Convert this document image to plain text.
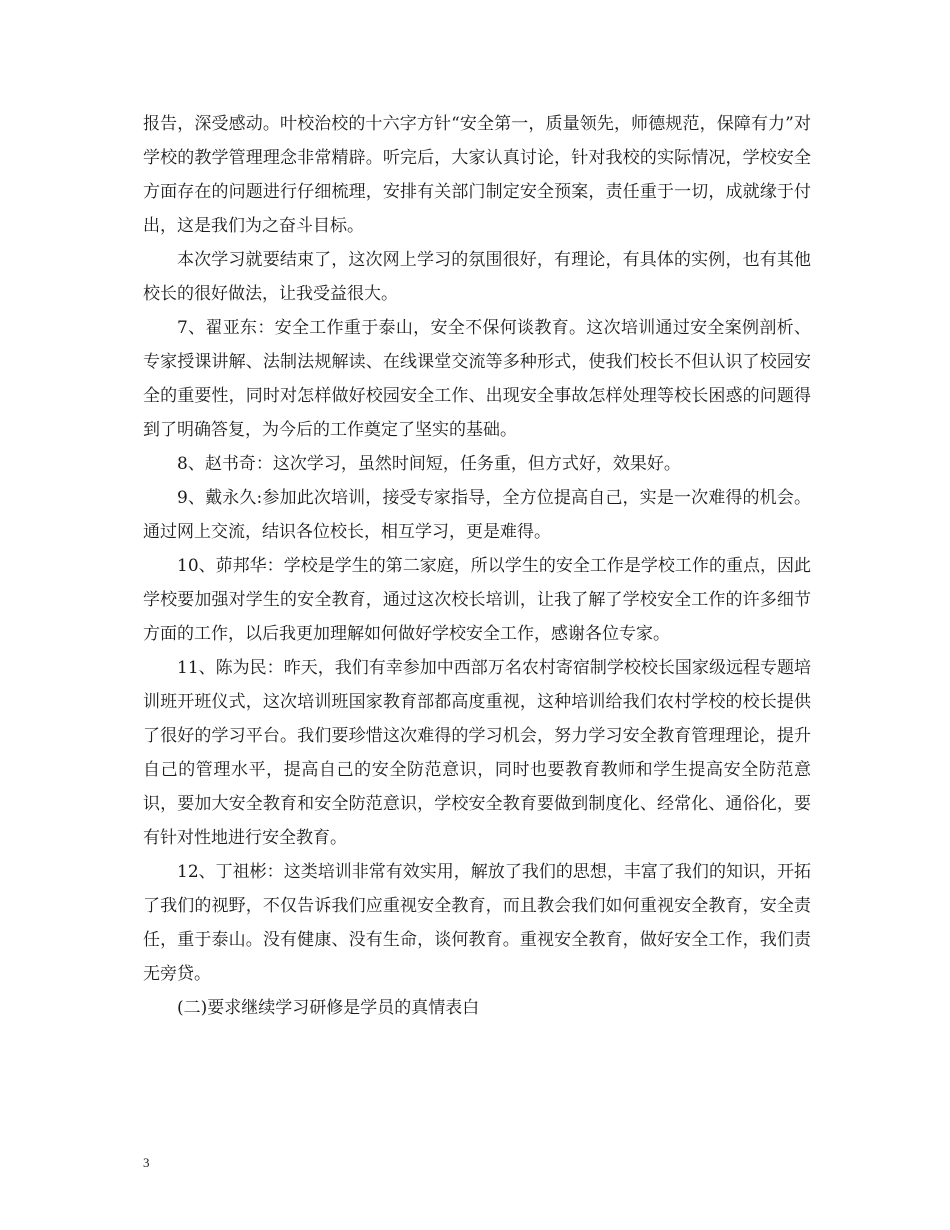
报告，深受感动。叶校治校的十六字方针“安全第一，质量领先，师德规范，保障有力”对学校的教学管理理念非常精辟。听完后，大家认真讨论，针对我校的实际情况，学校安全方面存在的问题进行仔细梳理，安排有关部门制定安全预案，责任重于一切，成就缘于付出，这是我们为之奋斗目标。

本次学习就要结束了，这次网上学习的氛围很好，有理论，有具体的实例，也有其他校长的很好做法，让我受益很大。

7、翟亚东：安全工作重于泰山，安全不保何谈教育。这次培训通过安全案例剖析、专家授课讲解、法制法规解读、在线课堂交流等多种形式，使我们校长不但认识了校园安全的重要性，同时对怎样做好校园安全工作、出现安全事故怎样处理等校长困惑的问题得到了明确答复，为今后的工作奠定了坚实的基础。

8、赵书奇：这次学习，虽然时间短，任务重，但方式好，效果好。

9、戴永久:参加此次培训，接受专家指导，全方位提高自己，实是一次难得的机会。通过网上交流，结识各位校长，相互学习，更是难得。

10、茆邦华：学校是学生的第二家庭，所以学生的安全工作是学校工作的重点，因此学校要加强对学生的安全教育，通过这次校长培训，让我了解了学校安全工作的许多细节方面的工作，以后我更加理解如何做好学校安全工作，感谢各位专家。

11、陈为民：昨天，我们有幸参加中西部万名农村寄宿制学校校长国家级远程专题培训班开班仪式，这次培训班国家教育部都高度重视，这种培训给我们农村学校的校长提供了很好的学习平台。我们要珍惜这次难得的学习机会，努力学习安全教育管理理论，提升自己的管理水平，提高自己的安全防范意识，同时也要教育教师和学生提高安全防范意识，要加大安全教育和安全防范意识，学校安全教育要做到制度化、经常化、通俗化，要有针对性地进行安全教育。

12、丁祖彬：这类培训非常有效实用，解放了我们的思想，丰富了我们的知识，开拓了我们的视野，不仅告诉我们应重视安全教育，而且教会我们如何重视安全教育，安全责任，重于泰山。没有健康、没有生命，谈何教育。重视安全教育，做好安全工作，我们责无旁贷。

(二)要求继续学习研修是学员的真情表白

3
